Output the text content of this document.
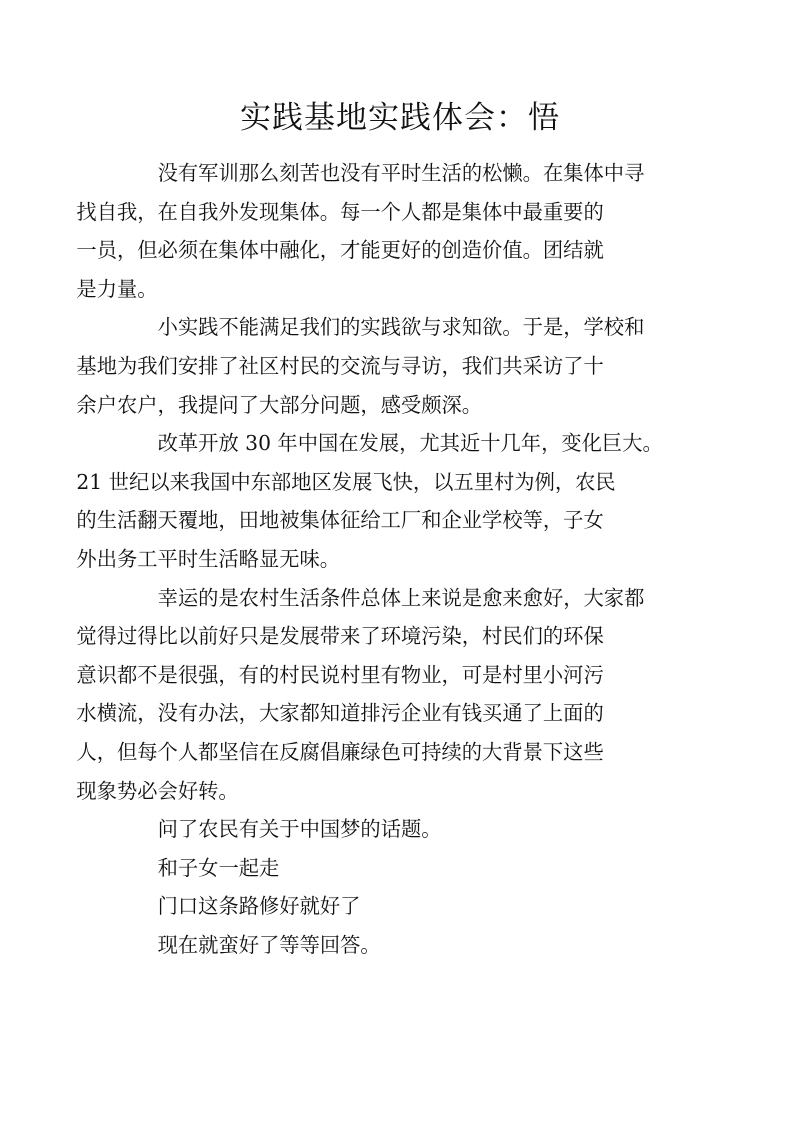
实践基地实践体会：悟

没有军训那么刻苦也没有平时生活的松懒。在集体中寻
找自我，在自我外发现集体。每一个人都是集体中最重要的
一员，但必须在集体中融化，才能更好的创造价值。团结就
是力量。

小实践不能满足我们的实践欲与求知欲。于是，学校和
基地为我们安排了社区村民的交流与寻访，我们共采访了十
余户农户，我提问了大部分问题，感受颇深。

改革开放 30 年中国在发展，尤其近十几年，变化巨大。
21 世纪以来我国中东部地区发展飞快，以五里村为例，农民
的生活翻天覆地，田地被集体征给工厂和企业学校等，子女
外出务工平时生活略显无味。

幸运的是农村生活条件总体上来说是愈来愈好，大家都
觉得过得比以前好只是发展带来了环境污染，村民们的环保
意识都不是很强，有的村民说村里有物业，可是村里小河污
水横流，没有办法，大家都知道排污企业有钱买通了上面的
人，但每个人都坚信在反腐倡廉绿色可持续的大背景下这些
现象势必会好转。

问了农民有关于中国梦的话题。

和子女一起走

门口这条路修好就好了

现在就蛮好了等等回答。
